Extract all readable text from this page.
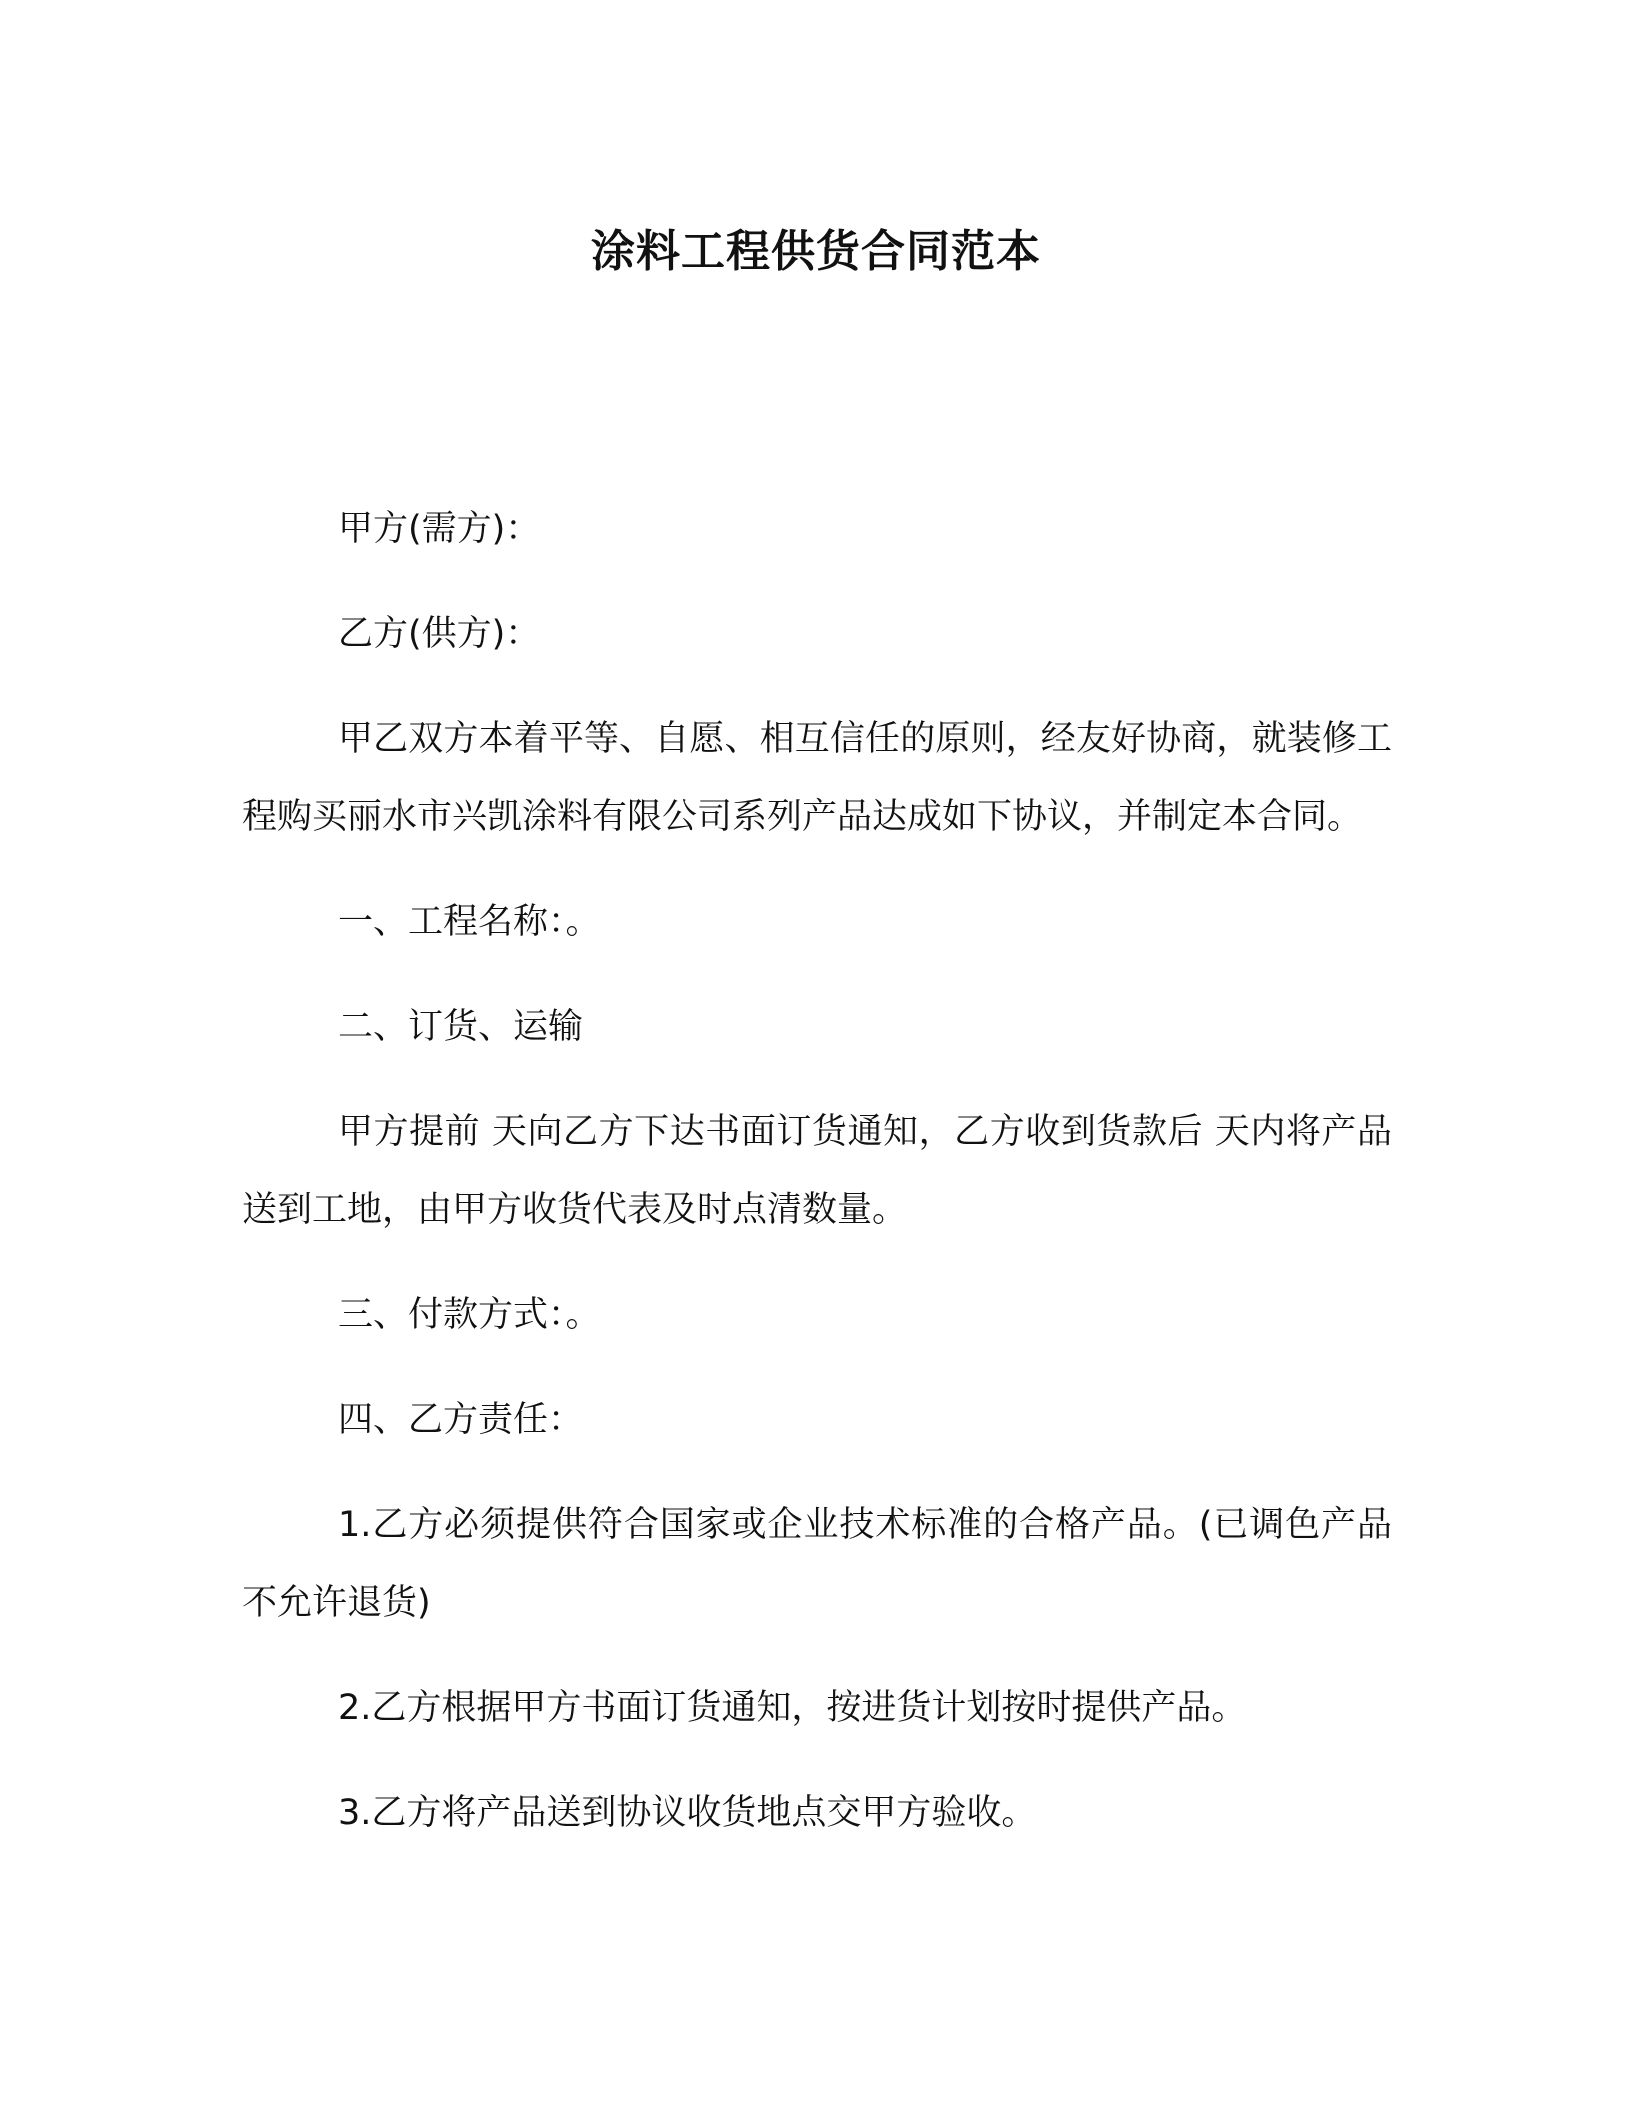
涂料工程供货合同范本

甲方(需方)：

乙方(供方)：

甲乙双方本着平等、自愿、相互信任的原则，经友好协商，就装修工程购买丽水市兴凯涂料有限公司系列产品达成如下协议，并制定本合同。

一、工程名称：。

二、订货、运输

甲方提前 天向乙方下达书面订货通知，乙方收到货款后 天内将产品送到工地，由甲方收货代表及时点清数量。

三、付款方式：。

四、乙方责任：

1.乙方必须提供符合国家或企业技术标准的合格产品。(已调色产品不允许退货)

2.乙方根据甲方书面订货通知，按进货计划按时提供产品。

3.乙方将产品送到协议收货地点交甲方验收。
